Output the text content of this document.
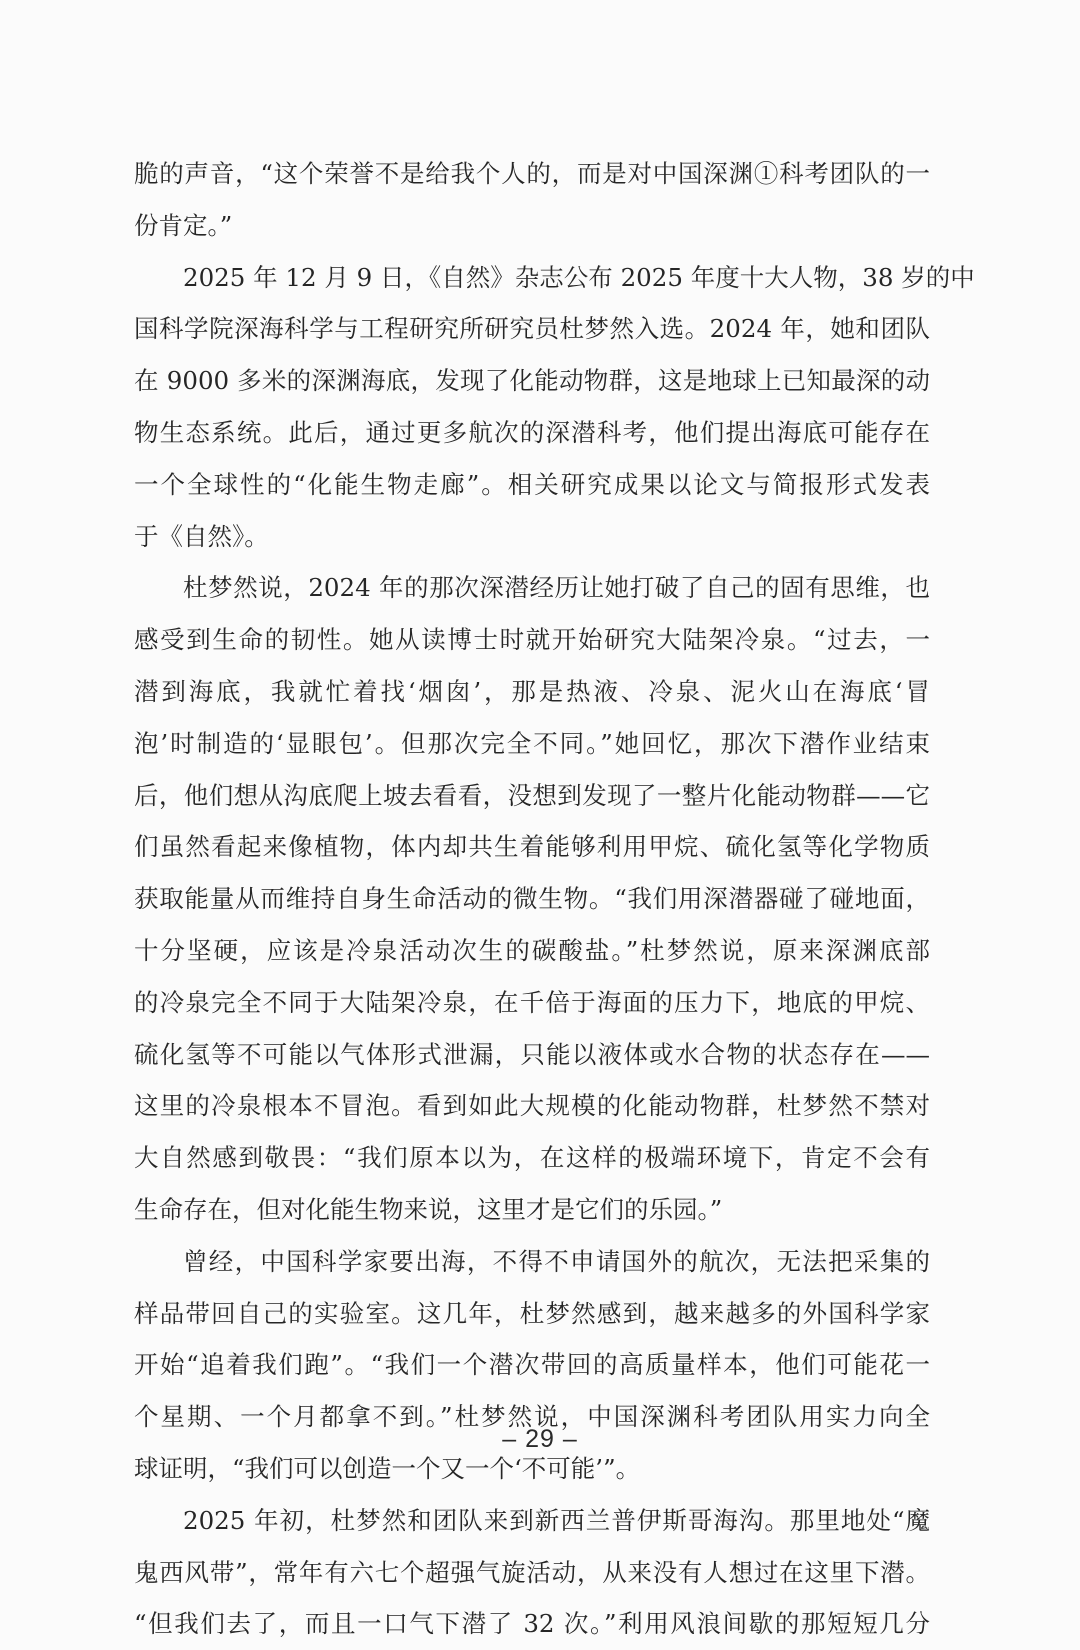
脆的声音，“这个荣誉不是给我个人的，而是对中国深渊①科考团队的一
份肯定。”
2025 年 12 月 9 日，《自然》杂志公布 2025 年度十大人物，38 岁的中
国科学院深海科学与工程研究所研究员杜梦然入选。2024 年，她和团队
在 9000 多米的深渊海底，发现了化能动物群，这是地球上已知最深的动
物生态系统。此后，通过更多航次的深潜科考，他们提出海底可能存在
一个全球性的“化能生物走廊”。相关研究成果以论文与简报形式发表
于《自然》。
杜梦然说，2024 年的那次深潜经历让她打破了自己的固有思维，也
感受到生命的韧性。她从读博士时就开始研究大陆架冷泉。“过去，一
潜到海底，我就忙着找‘烟囱’，那是热液、冷泉、泥火山在海底‘冒
泡’时制造的‘显眼包’。但那次完全不同。”她回忆，那次下潜作业结束
后，他们想从沟底爬上坡去看看，没想到发现了一整片化能动物群——它
们虽然看起来像植物，体内却共生着能够利用甲烷、硫化氢等化学物质
获取能量从而维持自身生命活动的微生物。“我们用深潜器碰了碰地面，
十分坚硬，应该是冷泉活动次生的碳酸盐。”杜梦然说，原来深渊底部
的冷泉完全不同于大陆架冷泉，在千倍于海面的压力下，地底的甲烷、
硫化氢等不可能以气体形式泄漏，只能以液体或水合物的状态存在——
这里的冷泉根本不冒泡。看到如此大规模的化能动物群，杜梦然不禁对
大自然感到敬畏：“我们原本以为，在这样的极端环境下，肯定不会有
生命存在，但对化能生物来说，这里才是它们的乐园。”
曾经，中国科学家要出海，不得不申请国外的航次，无法把采集的
样品带回自己的实验室。这几年，杜梦然感到，越来越多的外国科学家
开始“追着我们跑”。“我们一个潜次带回的高质量样本，他们可能花一
个星期、一个月都拿不到。”杜梦然说，中国深渊科考团队用实力向全
球证明，“我们可以创造一个又一个‘不可能’”。
2025 年初，杜梦然和团队来到新西兰普伊斯哥海沟。那里地处“魔
鬼西风带”，常年有六七个超强气旋活动，从来没有人想过在这里下潜。
“但我们去了，而且一口气下潜了 32 次。”利用风浪间歇的那短短几分
– 29 –
